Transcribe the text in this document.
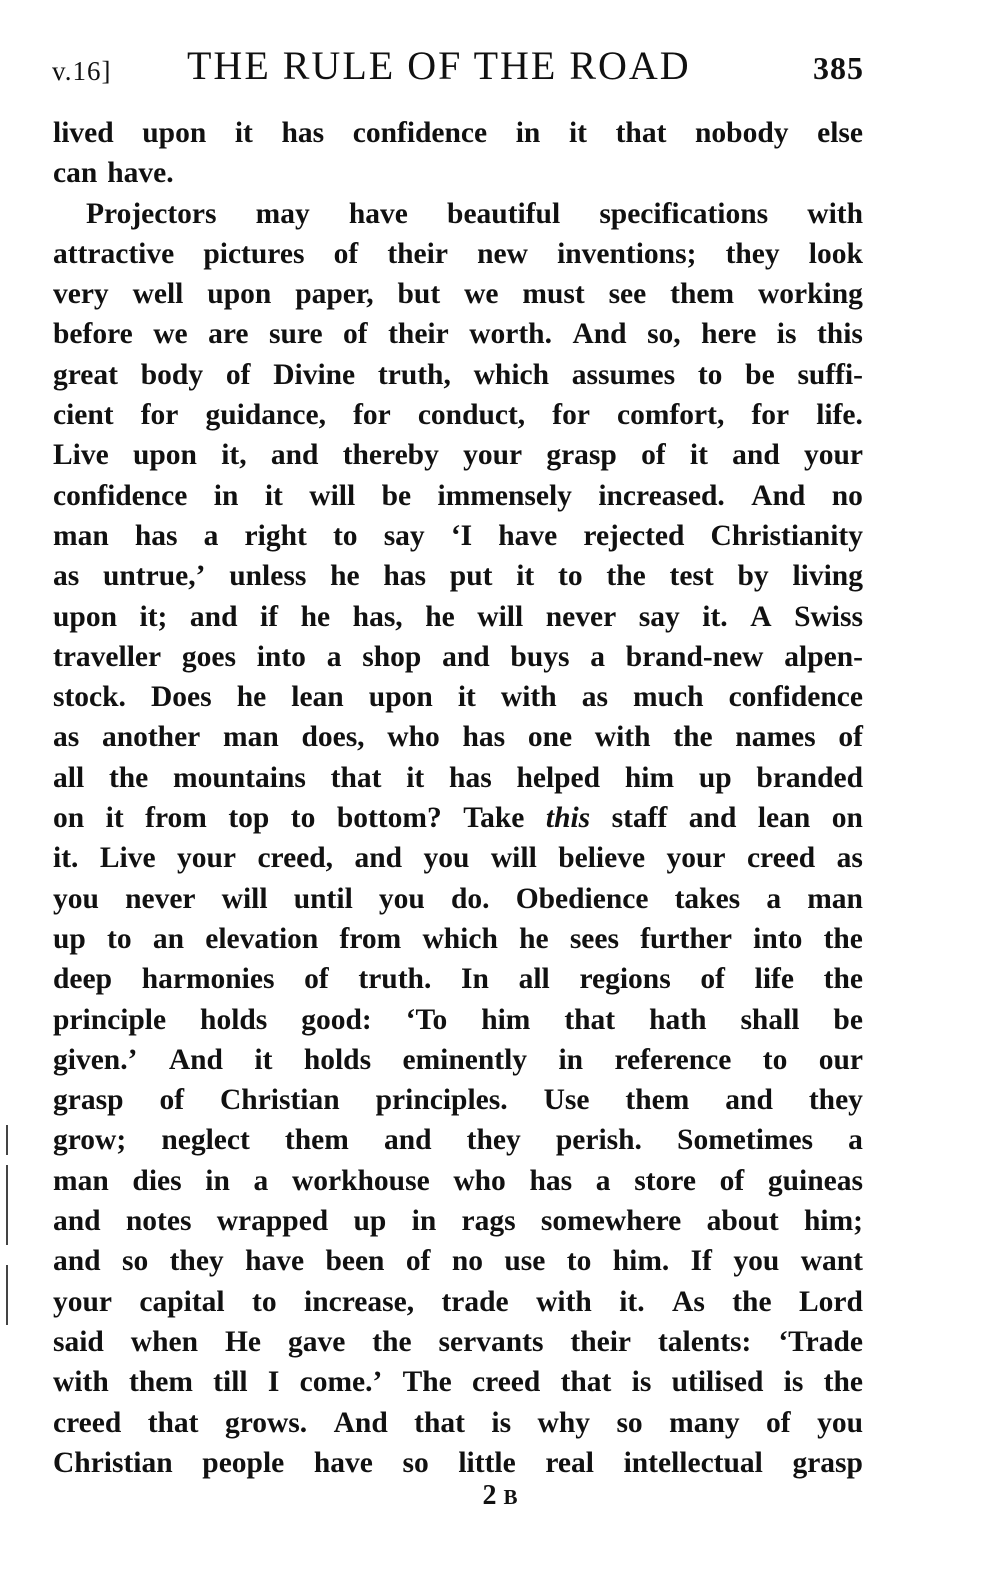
v.16] THE RULE OF THE ROAD	385
lived upon it has confidence in it that nobody else
can have.
Projectors may have beautiful specifications with
attractive pictures of their new inventions; they look
very well upon paper, but we must see them working
before we are sure of their worth. And so, here is this
great body of Divine truth, which assumes to be suffi-
cient for guidance, for conduct, for comfort, for life.
Live upon it, and thereby your grasp of it and your
confidence in it will be immensely increased. And no
man has a right to say ‘I have rejected Christianity
as untrue,’ unless he has put it to the test by living
upon it; and if he has, he will never say it. A Swiss
traveller goes into a shop and buys a brand-new alpen-
stock. Does he lean upon it with as much confidence
as another man does, who has one with the names of
all the mountains that it has helped him up branded
on it from top to bottom? Take this staff and lean on
it. Live your creed, and you will believe your creed as
you never will until you do. Obedience takes a man
up to an elevation from which he sees further into the
deep harmonies of truth. In all regions of life the
principle holds good: ‘To him that hath shall be
given.’ And it holds eminently in reference to our
grasp of Christian principles. Use them and they
grow; neglect them and they perish. Sometimes a
man dies in a workhouse who has a store of guineas
and notes wrapped up in rags somewhere about him;
and so they have been of no use to him. If you want
your capital to increase, trade with it. As the Lord
said when He gave the servants their talents: ‘Trade
with them till I come.’ The creed that is utilised is the
creed that grows. And that is why so many of you
Christian people have so little real intellectual grasp
2 B
